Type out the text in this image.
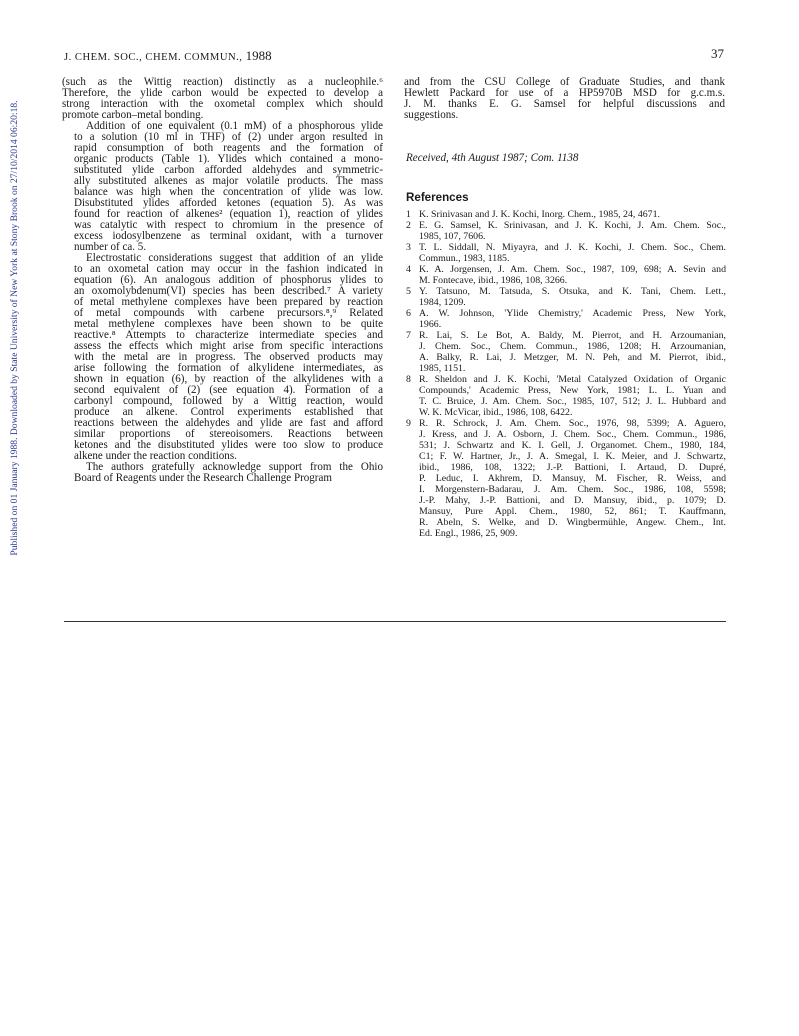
Published on 01 January 1988. Downloaded by State University of New York at Stony Brook on 27/10/2014 06:20:18.
J. CHEM. SOC., CHEM. COMMUN., 1988	37

(such as the Wittig reaction) distinctly as a nucleophile.⁶
Therefore, the ylide carbon would be expected to develop a
strong interaction with the oxometal complex which should
promote carbon–metal bonding.

Addition of one equivalent (0.1 mM) of a phosphorous ylide
to a solution (10 ml in THF) of (2) under argon resulted in
rapid consumption of both reagents and the formation of
organic products (Table 1). Ylides which contained a mono-
substituted ylide carbon afforded aldehydes and symmetric-
ally substituted alkenes as major volatile products. The mass
balance was high when the concentration of ylide was low.
Disubstituted ylides afforded ketones (equation 5). As was
found for reaction of alkenes² (equation 1), reaction of ylides
was catalytic with respect to chromium in the presence of
excess iodosylbenzene as terminal oxidant, with a turnover
number of ca. 5.

Electrostatic considerations suggest that addition of an ylide
to an oxometal cation may occur in the fashion indicated in
equation (6). An analogous addition of phosphorus ylides to
an oxomolybdenum(VI) species has been described.⁷ A variety
of metal methylene complexes have been prepared by reaction
of metal compounds with carbene precursors.⁸,⁹ Related
metal methylene complexes have been shown to be quite
reactive.⁸ Attempts to characterize intermediate species and
assess the effects which might arise from specific interactions
with the metal are in progress. The observed products may
arise following the formation of alkylidene intermediates, as
shown in equation (6), by reaction of the alkylidenes with a
second equivalent of (2) (see equation 4). Formation of a
carbonyl compound, followed by a Wittig reaction, would
produce an alkene. Control experiments established that
reactions between the aldehydes and ylide are fast and afford
similar proportions of stereoisomers. Reactions between
ketones and the disubstituted ylides were too slow to produce
alkene under the reaction conditions.

The authors gratefully acknowledge support from the Ohio
Board of Reagents under the Research Challenge Program

and from the CSU College of Graduate Studies, and thank
Hewlett Packard for use of a HP5970B MSD for g.c.m.s.
J. M. thanks E. G. Samsel for helpful discussions and
suggestions.

Received, 4th August 1987; Com. 1138
References
1 K. Srinivasan and J. K. Kochi, Inorg. Chem., 1985, 24, 4671.
2 E. G. Samsel, K. Srinivasan, and J. K. Kochi, J. Am. Chem. Soc.,
1985, 107, 7606.
3 T. L. Siddall, N. Miyayra, and J. K. Kochi, J. Chem. Soc., Chem.
Commun., 1983, 1185.
4 K. A. Jorgensen, J. Am. Chem. Soc., 1987, 109, 698; A. Sevin and
M. Fontecave, ibid., 1986, 108, 3266.
5 Y. Tatsuno, M. Tatsuda, S. Otsuka, and K. Tani, Chem. Lett.,
1984, 1209.
6 A. W. Johnson, 'Ylide Chemistry,' Academic Press, New York,
1966.
7 R. Lai, S. Le Bot, A. Baldy, M. Pierrot, and H. Arzoumanian,
J. Chem. Soc., Chem. Commun., 1986, 1208; H. Arzoumanian,
A. Balky, R. Lai, J. Metzger, M. N. Peh, and M. Pierrot, ibid.,
1985, 1151.
8 R. Sheldon and J. K. Kochi, 'Metal Catalyzed Oxidation of Organic
Compounds,' Academic Press, New York, 1981; L. L. Yuan and
T. C. Bruice, J. Am. Chem. Soc., 1985, 107, 512; J. L. Hubbard and
W. K. McVicar, ibid., 1986, 108, 6422.
9 R. R. Schrock, J. Am. Chem. Soc., 1976, 98, 5399; A. Aguero,
J. Kress, and J. A. Osborn, J. Chem. Soc., Chem. Commun., 1986,
531; J. Schwartz and K. I. Gell, J. Organomet. Chem., 1980, 184,
C1; F. W. Hartner, Jr., J. A. Smegal, I. K. Meier, and J. Schwartz,
ibid., 1986, 108, 1322; J.-P. Battioni, I. Artaud, D. Dupré,
P. Leduc, I. Akhrem, D. Mansuy, M. Fischer, R. Weiss, and
I. Morgenstern-Badarau, J. Am. Chem. Soc., 1986, 108, 5598;
J.-P. Mahy, J.-P. Battioni, and D. Mansuy, ibid., p. 1079; D.
Mansuy, Pure Appl. Chem., 1980, 52, 861; T. Kauffmann,
R. Abeln, S. Welke, and D. Wingbermühle, Angew. Chem., Int.
Ed. Engl., 1986, 25, 909.
